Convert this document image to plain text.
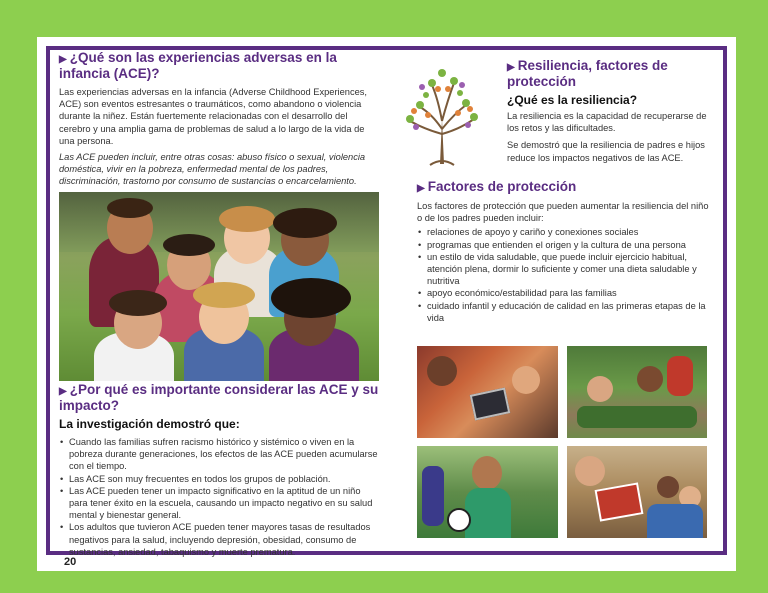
▶ ¿Qué son las experiencias adversas en la infancia (ACE)?

Las experiencias adversas en la infancia (Adverse Childhood Experiences, ACE) son eventos estresantes o traumáticos, como abandono o violencia durante la niñez. Están fuertemente relacionadas con el desarrollo del cerebro y una amplia gama de problemas de salud a lo largo de la vida de una persona.

Las ACE pueden incluir, entre otras cosas: abuso físico o sexual, violencia doméstica, vivir en la pobreza, enfermedad mental de los padres, discriminación, trastorno por consumo de sustancias o encarcelamiento.

▶ ¿Por qué es importante considerar las ACE y su impacto?
La investigación demostró que:
• Cuando las familias sufren racismo histórico y sistémico o viven en la pobreza durante generaciones, los efectos de las ACE pueden acumularse con el tiempo.
• Las ACE son muy frecuentes en todos los grupos de población.
• Las ACE pueden tener un impacto significativo en la aptitud de un niño para tener éxito en la escuela, causando un impacto negativo en su salud mental y bienestar general.
• Los adultos que tuvieron ACE pueden tener mayores tasas de resultados negativos para la salud, incluyendo depresión, obesidad, consumo de sustancias, ansiedad, tabaquismo y muerte prematura.
▶ Resiliencia, factores de protección
¿Qué es la resiliencia?

La resiliencia es la capacidad de recuperarse de los retos y las dificultades.

Se demostró que la resiliencia de padres e hijos reduce los impactos negativos de las ACE.

▶ Factores de protección

Los factores de protección que pueden aumentar la resiliencia del niño o de los padres pueden incluir:

• relaciones de apoyo y cariño y conexiones sociales
• programas que entienden el origen y la cultura de una persona
• un estilo de vida saludable, que puede incluir ejercicio habitual, atención plena, dormir lo suficiente y comer una dieta saludable y nutritiva
• apoyo económico/estabilidad para las familias
• cuidado infantil y educación de calidad en las primeras etapas de la vida
20
